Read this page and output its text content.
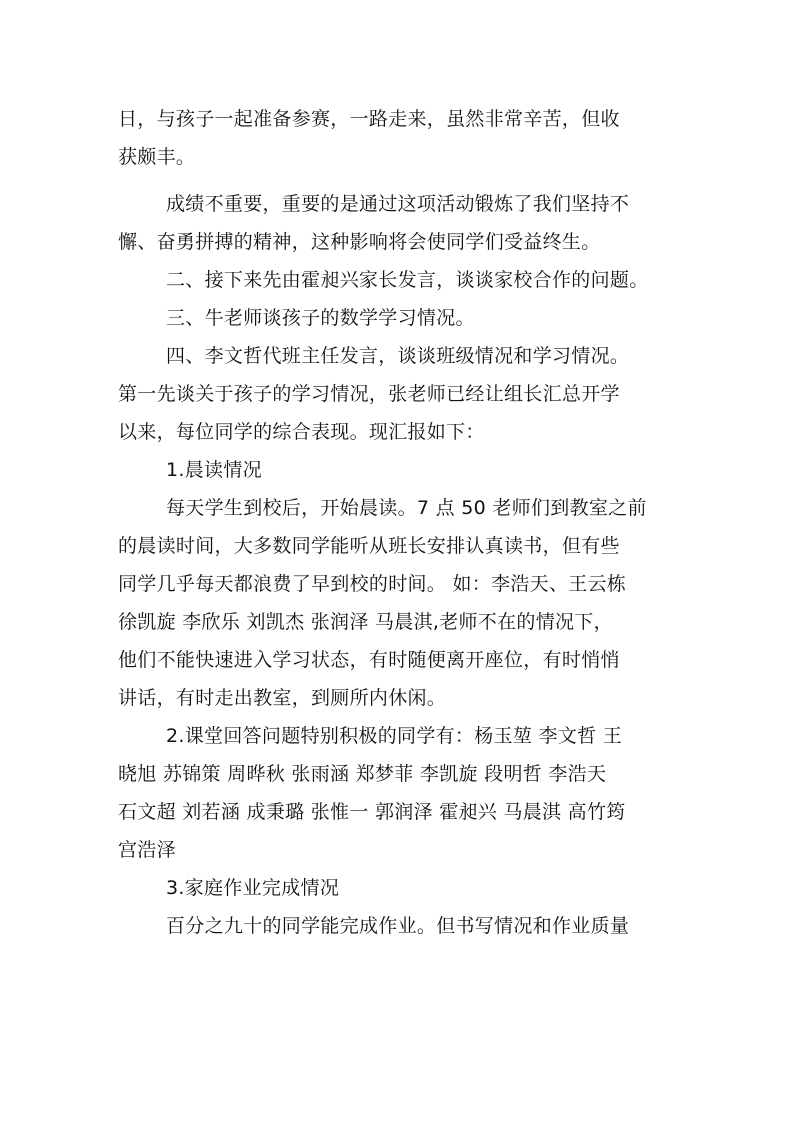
日，与孩子一起准备参赛，一路走来，虽然非常辛苦，但收
获颇丰。
成绩不重要，重要的是通过这项活动锻炼了我们坚持不
懈、奋勇拼搏的精神，这种影响将会使同学们受益终生。
二、接下来先由霍昶兴家长发言，谈谈家校合作的问题。
三、牛老师谈孩子的数学学习情况。
四、李文哲代班主任发言，谈谈班级情况和学习情况。
第一先谈关于孩子的学习情况，张老师已经让组长汇总开学
以来，每位同学的综合表现。现汇报如下：
1.晨读情况
每天学生到校后，开始晨读。7 点 50 老师们到教室之前
的晨读时间，大多数同学能听从班长安排认真读书，但有些
同学几乎每天都浪费了早到校的时间。 如：李浩天、王云栋
徐凯旋 李欣乐 刘凯杰 张润泽 马晨淇,老师不在的情况下，
他们不能快速进入学习状态，有时随便离开座位，有时悄悄
讲话，有时走出教室，到厕所内休闲。
2.课堂回答问题特别积极的同学有：杨玉堃 李文哲 王
晓旭 苏锦策 周晔秋 张雨涵 郑梦菲 李凯旋 段明哲 李浩天
石文超 刘若涵 成秉璐 张惟一 郭润泽 霍昶兴 马晨淇 高竹筠
宫浩泽
3.家庭作业完成情况
百分之九十的同学能完成作业。但书写情况和作业质量
